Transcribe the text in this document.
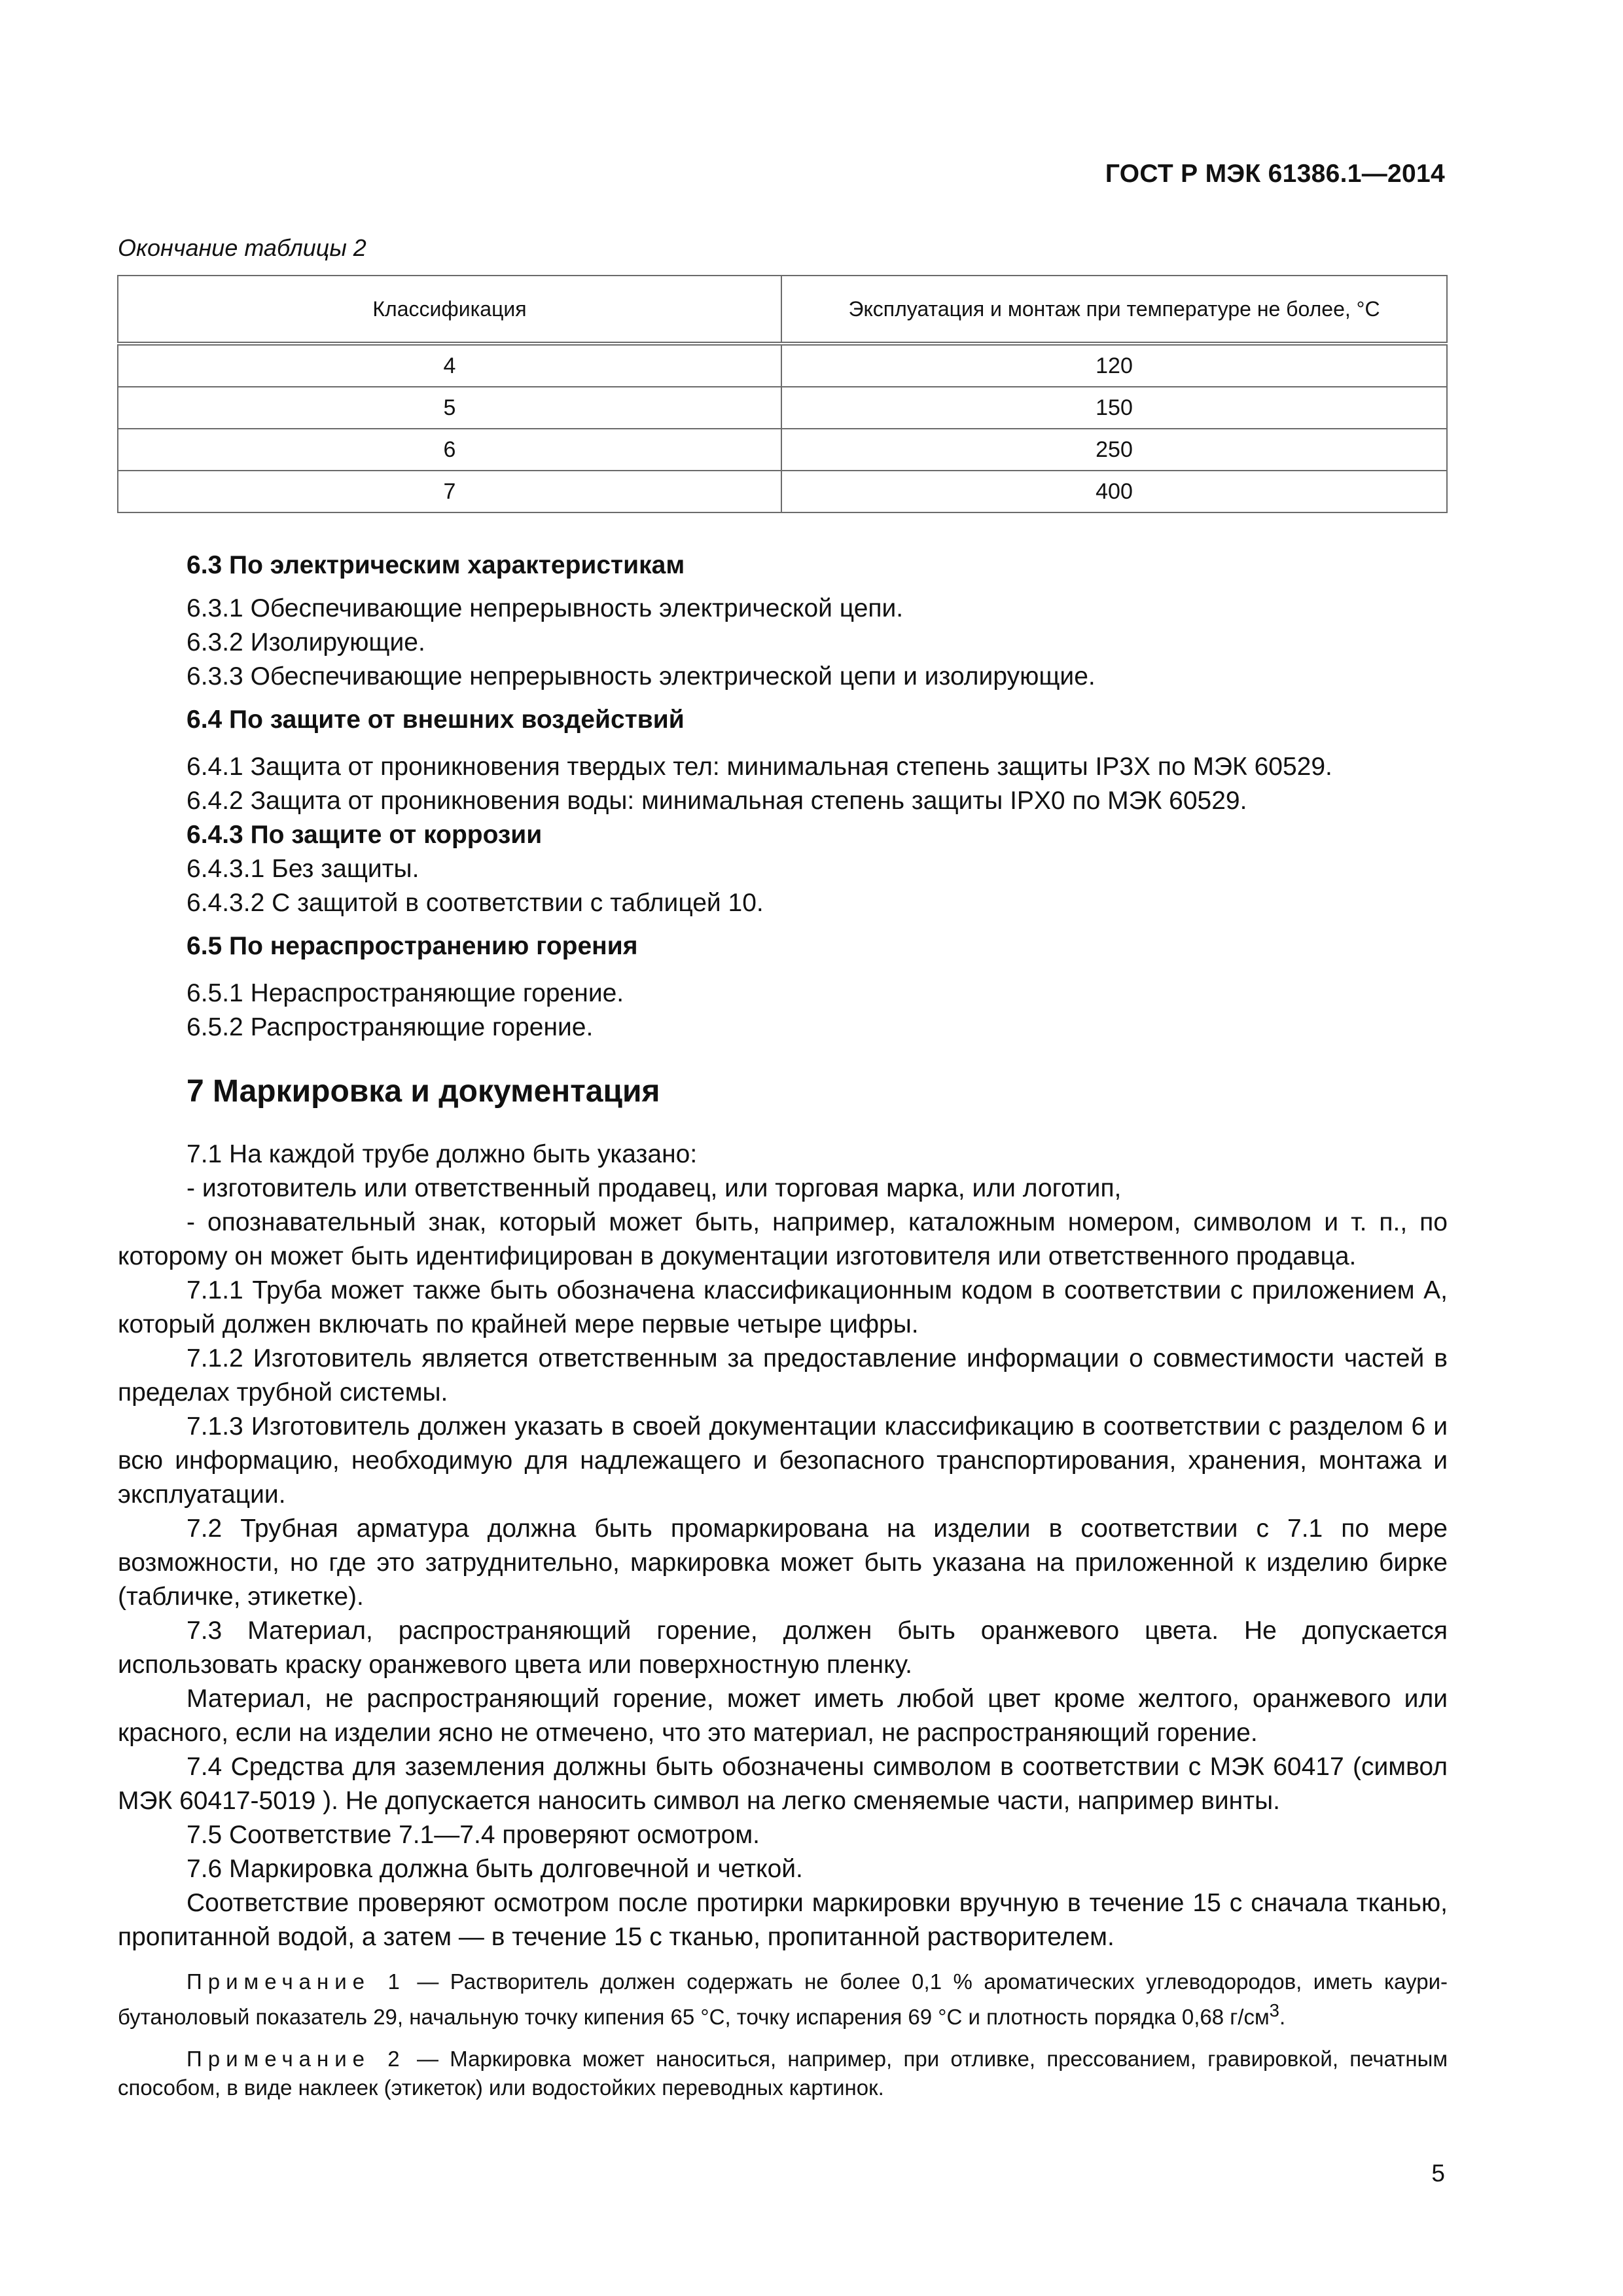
ГОСТ Р МЭК 61386.1—2014
Окончание таблицы 2
Классификация	Эксплуатация и монтаж при температуре не более, °С
4	120
5	150
6	250
7	400

6.3 По электрическим характеристикам

6.3.1 Обеспечивающие непрерывность электрической цепи.

6.3.2 Изолирующие.

6.3.3 Обеспечивающие непрерывность электрической цепи и изолирующие.

6.4 По защите от внешних воздействий

6.4.1 Защита от проникновения твердых тел: минимальная степень защиты IP3X по МЭК 60529.

6.4.2 Защита от проникновения воды: минимальная степень защиты IPX0 по МЭК 60529.

6.4.3 По защите от коррозии

6.4.3.1 Без защиты.

6.4.3.2 С защитой в соответствии с таблицей 10.

6.5 По нераспространению горения

6.5.1 Нераспространяющие горение.

6.5.2 Распространяющие горение.

7 Маркировка и документация

7.1 На каждой трубе должно быть указано:

- изготовитель или ответственный продавец, или торговая марка, или логотип,

- опознавательный знак, который может быть, например, каталожным номером, символом и т. п., по которому он может быть идентифицирован в документации изготовителя или ответственного продавца.

7.1.1 Труба может также быть обозначена классификационным кодом в соответствии с приложением А, который должен включать по крайней мере первые четыре цифры.

7.1.2 Изготовитель является ответственным за предоставление информации о совместимости частей в пределах трубной системы.

7.1.3 Изготовитель должен указать в своей документации классификацию в соответствии с разделом 6 и всю информацию, необходимую для надлежащего и безопасного транспортирования, хранения, монтажа и эксплуатации.

7.2 Трубная арматура должна быть промаркирована на изделии в соответствии с 7.1 по мере возможности, но где это затруднительно, маркировка может быть указана на приложенной к изделию бирке (табличке, этикетке).

7.3 Материал, распространяющий горение, должен быть оранжевого цвета. Не допускается использовать краску оранжевого цвета или поверхностную пленку.

Материал, не распространяющий горение, может иметь любой цвет кроме желтого, оранжевого или красного, если на изделии ясно не отмечено, что это материал, не распространяющий горение.

7.4 Средства для заземления должны быть обозначены символом в соответствии с МЭК 60417 (символ МЭК 60417-5019 ). Не допускается наносить символ на легко сменяемые части, например винты.

7.5 Соответствие 7.1—7.4 проверяют осмотром.

7.6 Маркировка должна быть долговечной и четкой.

Соответствие проверяют осмотром после протирки маркировки вручную в течение 15 с сначала тканью, пропитанной водой, а затем — в течение 15 с тканью, пропитанной растворителем.

Примечание 1 — Растворитель должен содержать не более 0,1 % ароматических углеводородов, иметь каури-бутаноловый показатель 29, начальную точку кипения 65 °С, точку испарения 69 °С и плотность порядка 0,68 $г/см^3$.

Примечание 2 — Маркировка может наноситься, например, при отливке, прессованием, гравировкой, печатным способом, в виде наклеек (этикеток) или водостойких переводных картинок.

5
